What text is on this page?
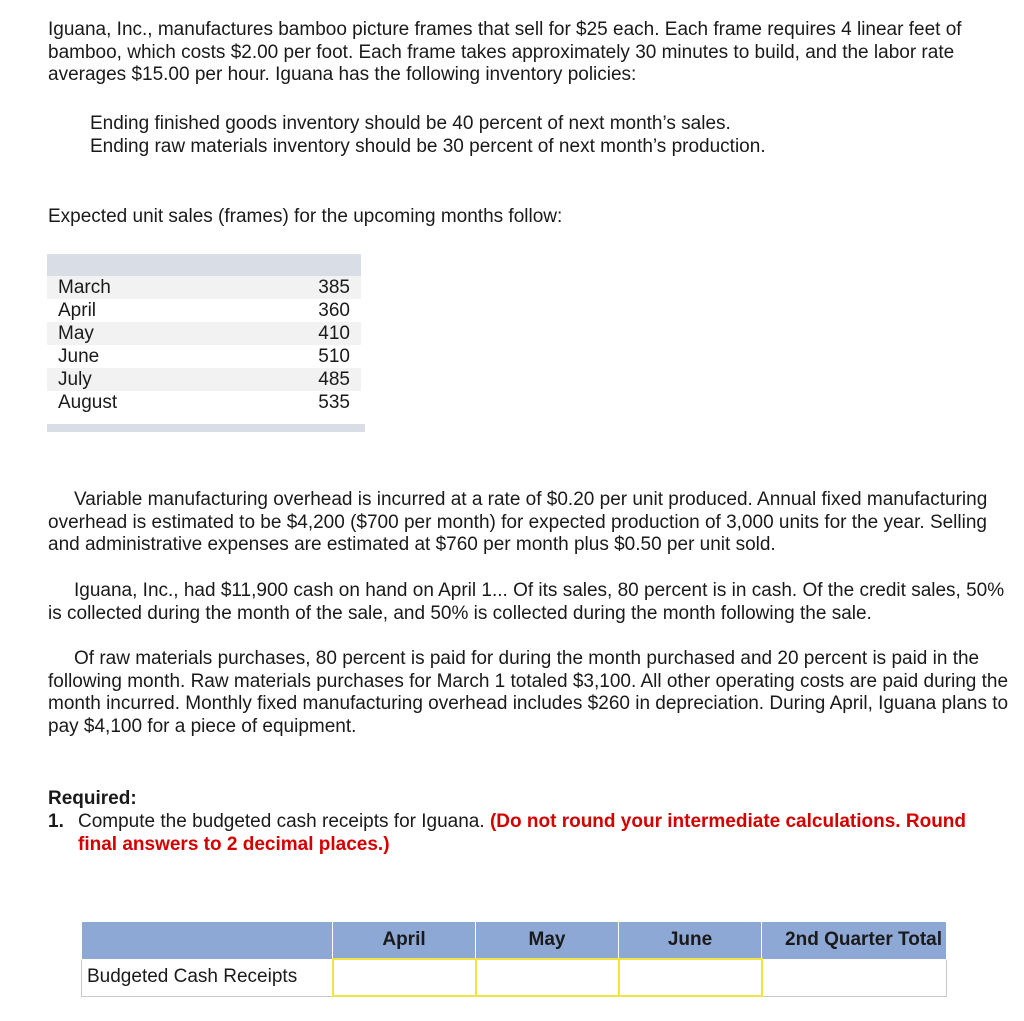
Iguana, Inc., manufactures bamboo picture frames that sell for $25 each. Each frame requires 4 linear feet of bamboo, which costs $2.00 per foot. Each frame takes approximately 30 minutes to build, and the labor rate averages $15.00 per hour. Iguana has the following inventory policies:
Ending finished goods inventory should be 40 percent of next month’s sales.
Ending raw materials inventory should be 30 percent of next month’s production.
Expected unit sales (frames) for the upcoming months follow:
March	385
April	360
May	410
June	510
July	485
August	535
Variable manufacturing overhead is incurred at a rate of $0.20 per unit produced. Annual fixed manufacturing overhead is estimated to be $4,200 ($700 per month) for expected production of 3,000 units for the year. Selling and administrative expenses are estimated at $760 per month plus $0.50 per unit sold.
Iguana, Inc., had $11,900 cash on hand on April 1... Of its sales, 80 percent is in cash. Of the credit sales, 50% is collected during the month of the sale, and 50% is collected during the month following the sale.
Of raw materials purchases, 80 percent is paid for during the month purchased and 20 percent is paid in the following month. Raw materials purchases for March 1 totaled $3,100. All other operating costs are paid during the month incurred. Monthly fixed manufacturing overhead includes $260 in depreciation. During April, Iguana plans to pay $4,100 for a piece of equipment.
Required:
1. Compute the budgeted cash receipts for Iguana. (Do not round your intermediate calculations. Round final answers to 2 decimal places.)
	April	May	June	2nd Quarter Total
Budgeted Cash Receipts				
